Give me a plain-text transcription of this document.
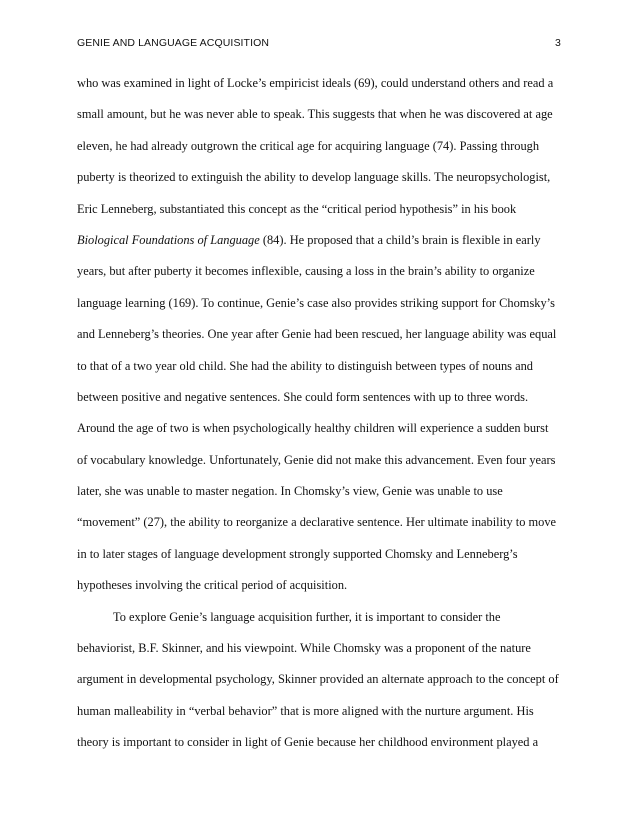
GENIE AND LANGUAGE ACQUISITION	3
who was examined in light of Locke’s empiricist ideals (69), could understand others and read a
small amount, but he was never able to speak. This suggests that when he was discovered at age
eleven, he had already outgrown the critical age for acquiring language (74). Passing through
puberty is theorized to extinguish the ability to develop language skills. The neuropsychologist,
Eric Lenneberg, substantiated this concept as the “critical period hypothesis” in his book
Biological Foundations of Language (84). He proposed that a child’s brain is flexible in early
years, but after puberty it becomes inflexible, causing a loss in the brain’s ability to organize
language learning (169). To continue, Genie’s case also provides striking support for Chomsky’s
and Lenneberg’s theories. One year after Genie had been rescued, her language ability was equal
to that of a two year old child. She had the ability to distinguish between types of nouns and
between positive and negative sentences. She could form sentences with up to three words.
Around the age of two is when psychologically healthy children will experience a sudden burst
of vocabulary knowledge. Unfortunately, Genie did not make this advancement. Even four years
later, she was unable to master negation. In Chomsky’s view, Genie was unable to use
“movement” (27), the ability to reorganize a declarative sentence. Her ultimate inability to move
in to later stages of language development strongly supported Chomsky and Lenneberg’s
hypotheses involving the critical period of acquisition.
To explore Genie’s language acquisition further, it is important to consider the
behaviorist, B.F. Skinner, and his viewpoint. While Chomsky was a proponent of the nature
argument in developmental psychology, Skinner provided an alternate approach to the concept of
human malleability in “verbal behavior” that is more aligned with the nurture argument. His
theory is important to consider in light of Genie because her childhood environment played a
